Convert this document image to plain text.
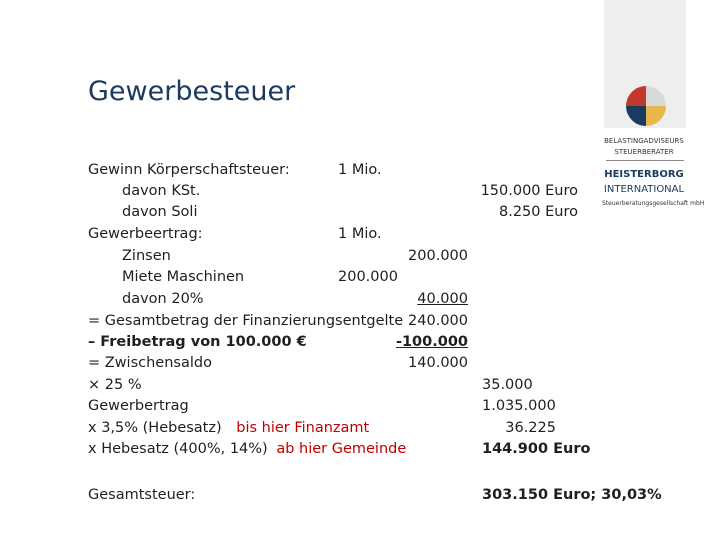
Gewerbesteuer
BELASTINGADVISEURS
STEUERBERATER
HEISTERBORG
INTERNATIONAL
Steuerberatungsgesellschaft mbH
Gewinn Körperschaftsteuer:	1 Mio.
davon KSt.	150.000 Euro
davon Soli	8.250 Euro
Gewerbeertrag:	1 Mio.
Zinsen	200.000
Miete Maschinen	200.000
davon 20%	40.000
= Gesamtbetrag der Finanzierungsentgelte 240.000
– Freibetrag von 100.000 €	-100.000
= Zwischensaldo	140.000
× 25 %	35.000
Gewerbertrag	1.035.000
x 3,5% (Hebesatz) bis hier Finanzamt	36.225
x Hebesatz (400%, 14%) ab hier Gemeinde	144.900 Euro
Gesamtsteuer:	303.150 Euro; 30,03%
